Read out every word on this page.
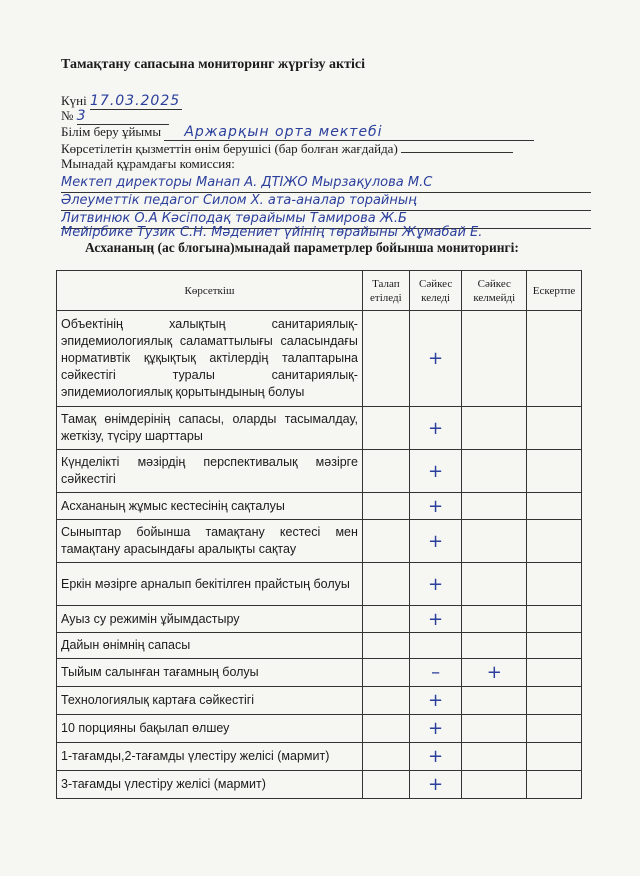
Тамақтану сапасына мониторинг жүргізу актісі
Күні 17.03.2025
№ 3
Білім беру ұйымы Аржарқын орта мектебі
Көрсетілетін қызметтін өнім берушісі (бар болған жағдайда)
Мынадай құрамдағы комиссия:
Мектеп директоры Манап А. ДТІЖО Мырзақулова М.С
Әлеуметтік педагог Силом Х. ата-аналар торайның
Литвинюк О.А Кәсіподақ төрайымы Тамирова Ж.Б
Мейірбике Тузик С.Н. Мәдениет үйінің төрайыны Жұмабай Е.
Асхананың (ас блогына)мынадай параметрлер бойынша мониторингі:
Көрсеткіш	Талап етіледі	Сәйкес келеді	Сәйкес келмейді	Ескертпе
Объектінің халықтың санитариялық-эпидемиологиялық саламаттылығы саласындағы нормативтік құқықтық актілердің талаптарына сәйкестігі туралы санитариялық-эпидемиологиялық қорытындының болуы		+		
Тамақ өнімдерінің сапасы, оларды тасымалдау, жеткізу, түсіру шарттары		+		
Күнделікті мәзірдің перспективалық мәзірге сәйкестігі		+		
Асхананың жұмыс кестесінің сақталуы		+		
Сыныптар бойынша тамақтану кестесі мен тамақтану арасындағы аралықты сақтау		+		
Еркін мәзірге арналып бекітілген прайстың болуы		+		
Ауыз су режимін ұйымдастыру		+		
Дайын өнімнің сапасы				
Тыйым салынған тағамның болуы		–	+	
Технологиялық картаға сәйкестігі		+		
10 порцияны бақылап өлшеу		+		
1-тағамды,2-тағамды үлестіру желісі (мармит)		+		
3-тағамды үлестіру желісі (мармит)		+		
